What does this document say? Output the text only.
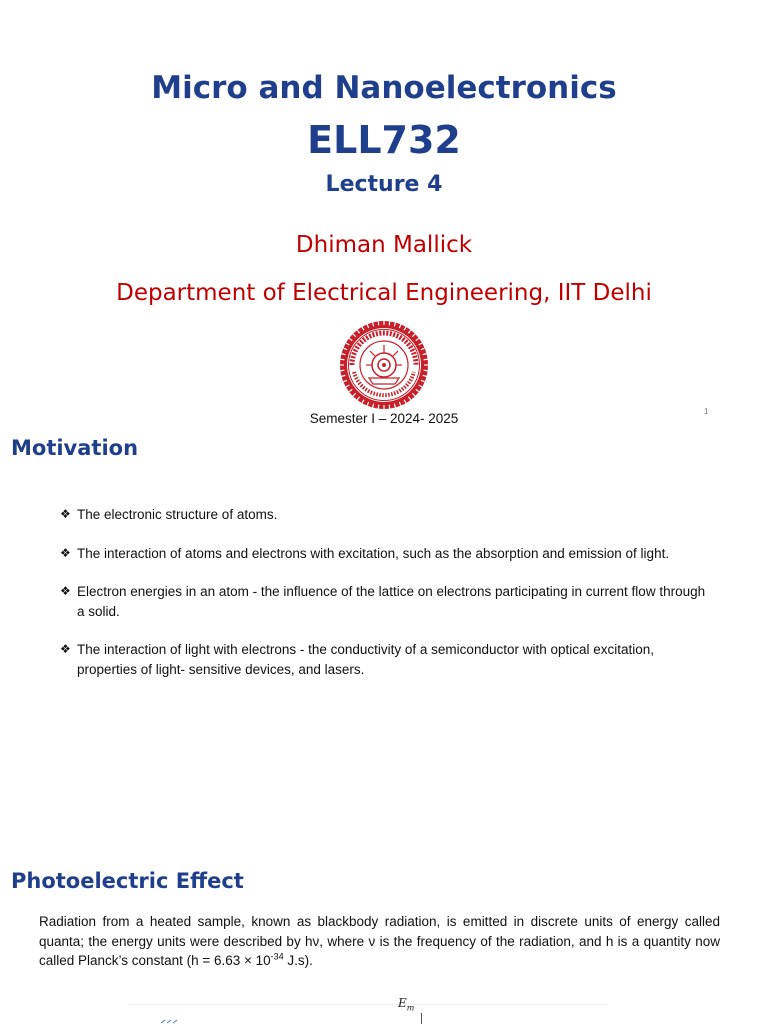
Micro and Nanoelectronics
ELL732
Lecture 4
Dhiman Mallick
Department of Electrical Engineering, IIT Delhi
Semester I – 2024- 2025	1
Motivation
❖ The electronic structure of atoms.
❖ The interaction of atoms and electrons with excitation, such as the absorption and emission of light.
❖ Electron energies in an atom - the influence of the lattice on electrons participating in current flow through a solid.
❖ The interaction of light with electrons - the conductivity of a semiconductor with optical excitation, properties of light- sensitive devices, and lasers.
Photoelectric Effect

Radiation from a heated sample, known as blackbody radiation, is emitted in discrete units of energy called quanta; the energy units were described by hν, where ν is the frequency of the radiation, and h is a quantity now called Planck’s constant ($h = 6.63 \times 10^{-34}$ J.s).

$E_m$
